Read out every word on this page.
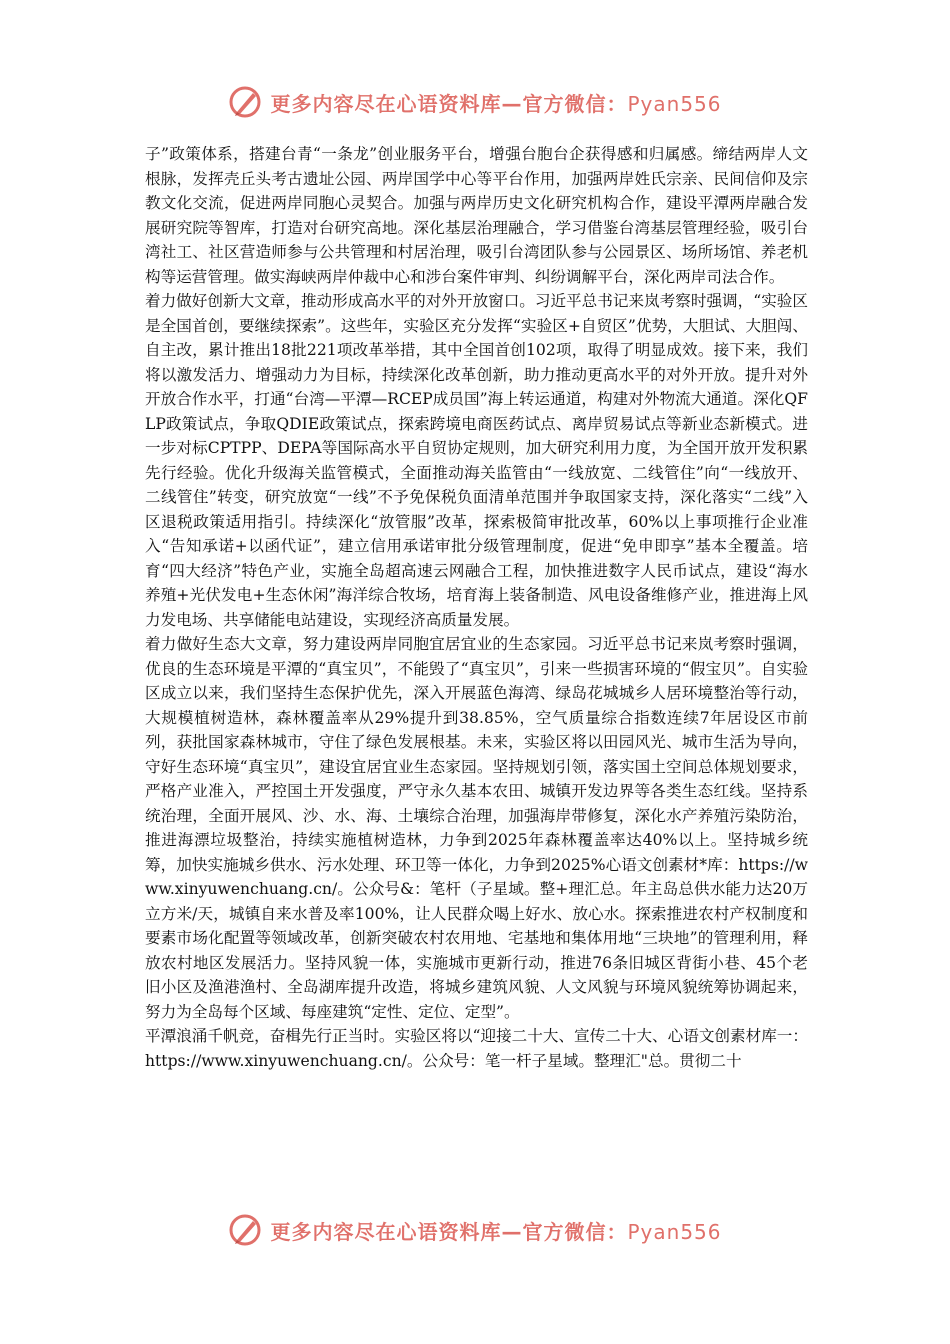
更多内容尽在心语资料库—官方微信：Pyan556

子”政策体系，搭建台青“一条龙”创业服务平台，增强台胞台企获得感和归属感。缔结两岸人文根脉，发挥壳丘头考古遗址公园、两岸国学中心等平台作用，加强两岸姓氏宗亲、民间信仰及宗教文化交流，促进两岸同胞心灵契合。加强与两岸历史文化研究机构合作，建设平潭两岸融合发展研究院等智库，打造对台研究高地。深化基层治理融合，学习借鉴台湾基层管理经验，吸引台湾社工、社区营造师参与公共管理和村居治理，吸引台湾团队参与公园景区、场所场馆、养老机构等运营管理。做实海峡两岸仲裁中心和涉台案件审判、纠纷调解平台，深化两岸司法合作。

着力做好创新大文章，推动形成高水平的对外开放窗口。习近平总书记来岚考察时强调，“实验区是全国首创，要继续探索”。这些年，实验区充分发挥“实验区+自贸区”优势，大胆试、大胆闯、自主改，累计推出18批221项改革举措，其中全国首创102项，取得了明显成效。接下来，我们将以激发活力、增强动力为目标，持续深化改革创新，助力推动更高水平的对外开放。提升对外开放合作水平，打通“台湾—平潭—RCEP成员国”海上转运通道，构建对外物流大通道。深化QFLP政策试点，争取QDIE政策试点，探索跨境电商医药试点、离岸贸易试点等新业态新模式。进一步对标CPTPP、DEPA等国际高水平自贸协定规则，加大研究利用力度，为全国开放开发积累先行经验。优化升级海关监管模式，全面推动海关监管由“一线放宽、二线管住”向“一线放开、二线管住”转变，研究放宽“一线”不予免保税负面清单范围并争取国家支持，深化落实“二线”入区退税政策适用指引。持续深化“放管服”改革，探索极简审批改革，60%以上事项推行企业准入“告知承诺+以函代证”，建立信用承诺审批分级管理制度，促进“免申即享”基本全覆盖。培育“四大经济”特色产业，实施全岛超高速云网融合工程，加快推进数字人民币试点，建设“海水养殖+光伏发电+生态休闲”海洋综合牧场，培育海上装备制造、风电设备维修产业，推进海上风力发电场、共享储能电站建设，实现经济高质量发展。

着力做好生态大文章，努力建设两岸同胞宜居宜业的生态家园。习近平总书记来岚考察时强调，优良的生态环境是平潭的“真宝贝”，不能毁了“真宝贝”，引来一些损害环境的“假宝贝”。自实验区成立以来，我们坚持生态保护优先，深入开展蓝色海湾、绿岛花城城乡人居环境整治等行动，大规模植树造林，森林覆盖率从29%提升到38.85%，空气质量综合指数连续7年居设区市前列，获批国家森林城市，守住了绿色发展根基。未来，实验区将以田园风光、城市生活为导向，守好生态环境“真宝贝”，建设宜居宜业生态家园。坚持规划引领，落实国土空间总体规划要求，严格产业准入，严控国土开发强度，严守永久基本农田、城镇开发边界等各类生态红线。坚持系统治理，全面开展风、沙、水、海、土壤综合治理，加强海岸带修复，深化水产养殖污染防治，推进海漂垃圾整治，持续实施植树造林，力争到2025年森林覆盖率达40%以上。坚持城乡统筹，加快实施城乡供水、污水处理、环卫等一体化，力争到2025%心语文创素材*库：https://www.xinyuwenchuang.cn/。公众号&：笔杆（子星域。整+理汇总。年主岛总供水能力达20万立方米/天，城镇自来水普及率100%，让人民群众喝上好水、放心水。探索推进农村产权制度和要素市场化配置等领域改革，创新突破农村农用地、宅基地和集体用地“三块地”的管理利用，释放农村地区发展活力。坚持风貌一体，实施城市更新行动，推进76条旧城区背街小巷、45个老旧小区及渔港渔村、全岛湖库提升改造，将城乡建筑风貌、人文风貌与环境风貌统筹协调起来，努力为全岛每个区域、每座建筑“定性、定位、定型”。

平潭浪涌千帆竞，奋楫先行正当时。实验区将以“迎接二十大、宣传二十大、心语文创素材库一：https://www.xinyuwenchuang.cn/。公众号：笔一杆子星域。整理汇"总。贯彻二十

更多内容尽在心语资料库—官方微信：Pyan556
